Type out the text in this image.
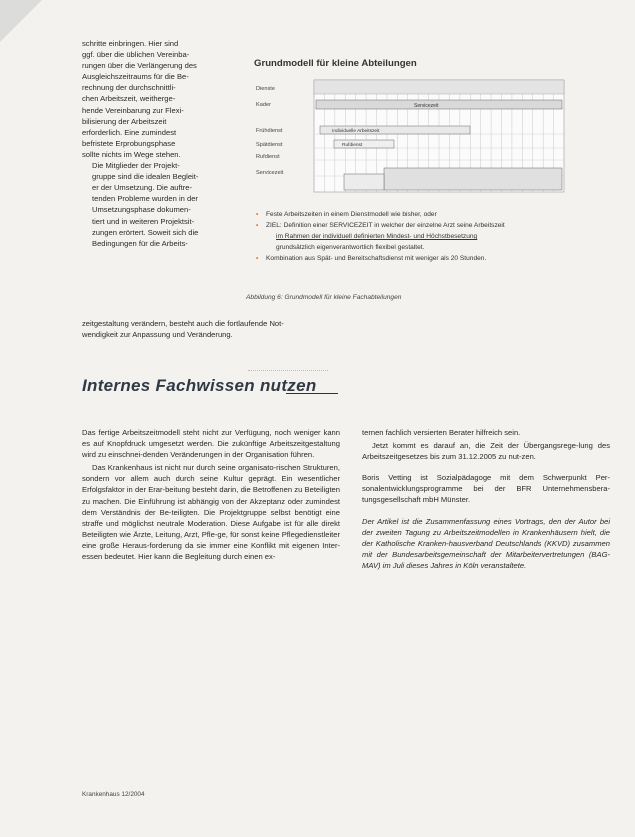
schritte einbringen. Hier sind
ggf. über die üblichen Vereinba-
rungen über die Verlängerung des
Ausgleichszeitraums für die Be-
rechnung der durchschnittli-
chen Arbeitszeit, weitherge-
hende Vereinbarung zur Flexi-
bilisierung der Arbeitszeit
erforderlich. Eine zumindest
befristete Erprobungsphase
sollte nichts im Wege stehen.
Die Mitglieder der Projekt-
gruppe sind die idealen Begleit-
er der Umsetzung. Die auftre-
tenden Probleme wurden in der
Umsetzungsphase dokumen-
tiert und in weiteren Projektsit-
zungen erörtert. Soweit sich die
Bedingungen für die Arbeits-
zeitgestaltung verändern, besteht auch die fortlaufende Not-
wendigkeit zur Anpassung und Veränderung.
Grundmodell für kleine Abteilungen
Dienste
Kader
Frühdienst
Spätdienst
Rufdienst
Servicezeit
Servicezeit
Individuelle Arbeitszeit
Rufdienst
• Feste Arbeitszeiten in einem Dienstmodell wie bisher, oder
• ZIEL: Definition einer SERVICEZEIT in welcher der einzelne Arzt seine Arbeitszeit
im Rahmen der individuell definierten Mindest- und Höchstbesetzung
grundsätzlich eigenverantwortlich flexibel gestaltet.
• Kombination aus Spät- und Bereitschaftsdienst mit weniger als 20 Stunden.
Abbildung 6: Grundmodell für kleine Fachabteilungen
Internes Fachwissen nutzen

Das fertige Arbeitszeitmodell steht nicht zur Verfügung, noch weniger kann es auf Knopfdruck umgesetzt werden. Die zukünftige Arbeitszeitgestaltung wird zu einschnei-denden Veränderungen in der Organisation führen.

Das Krankenhaus ist nicht nur durch seine organisato-rischen Strukturen, sondern vor allem auch durch seine Kultur geprägt. Ein wesentlicher Erfolgsfaktor in der Erar-beitung besteht darin, die Betroffenen zu Beteiligten zu machen. Die Einführung ist abhängig von der Akzeptanz oder zumindest dem Verständnis der Be-teiligten. Die Projektgruppe selbst benötigt eine straffe und möglichst neutrale Moderation. Diese Aufgabe ist für alle direkt Beteiligten wie Ärzte, Leitung, Arzt, Pfle-ge, für sonst keine Pflegedienstleiter eine große Heraus-forderung da sie immer eine Konflikt mit eigenen Inter-essen bedeutet. Hier kann die Begleitung durch einen ex-

ternen fachlich versierten Berater hilfreich sein.

Jetzt kommt es darauf an, die Zeit der Übergangsrege-lung des Arbeitszeitgesetzes bis zum 31.12.2005 zu nut-zen.

Boris Vetting ist Sozialpädagoge mit dem Schwerpunkt Per-sonalentwicklungsprogramme bei der BFR Unternehmensbera-tungsgesellschaft mbH Münster.

Der Artikel ist die Zusammenfassung eines Vortrags, den der Autor bei der zweiten Tagung zu Arbeitszeitmodellen in Krankenhäusern hielt, die der Katholische Kranken-hausverband Deutschlands (KKVD) zusammen mit der Bundesarbeitsgemeinschaft der Mitarbeitervertretungen (BAG-MAV) im Juli dieses Jahres in Köln veranstaltete.

Krankenhaus 12/2004
